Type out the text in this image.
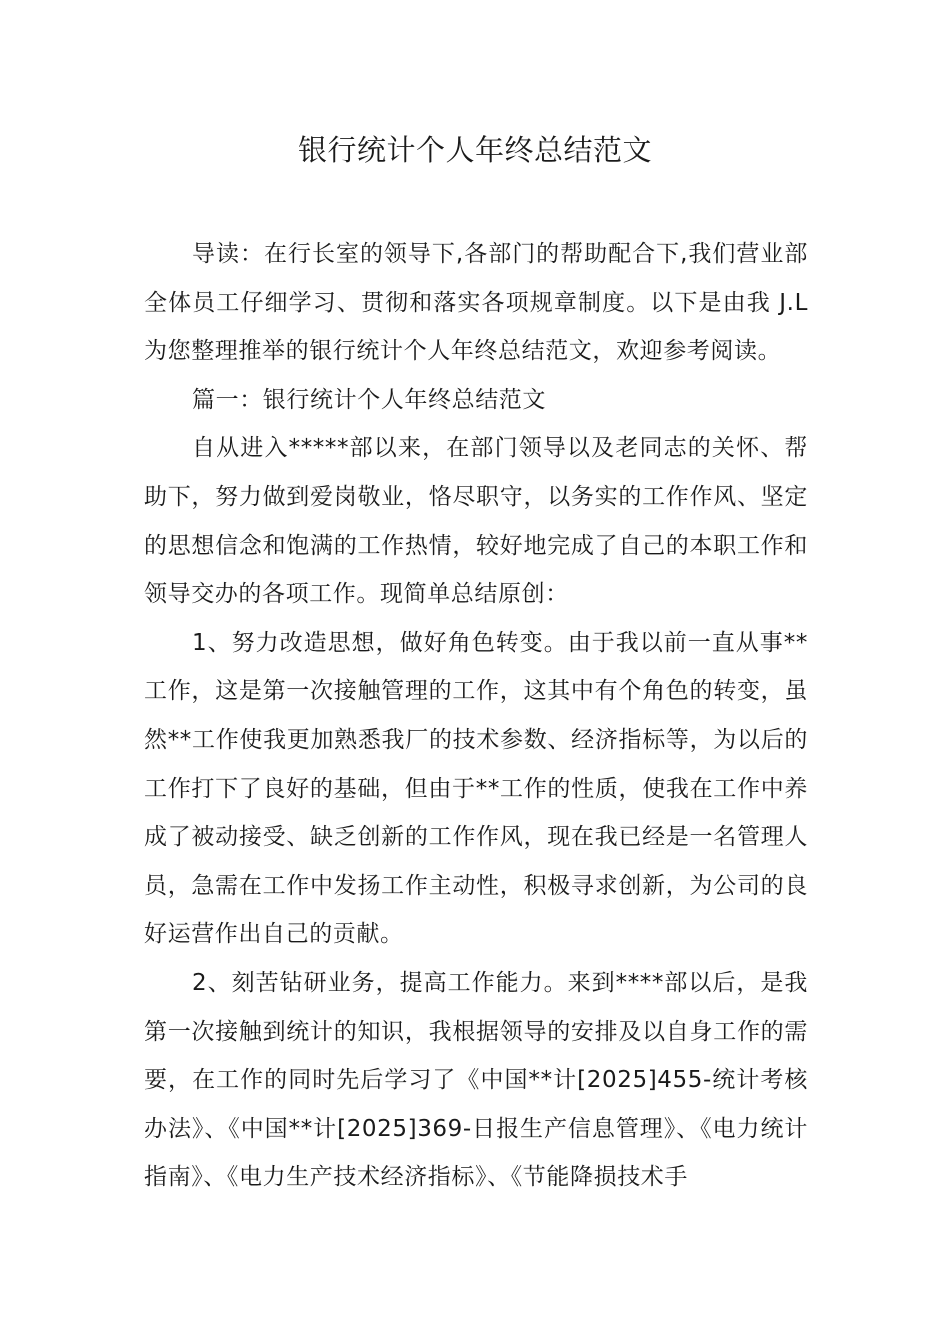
银行统计个人年终总结范文

导读：在行长室的领导下,各部门的帮助配合下,我们营业部全体员工仔细学习、贯彻和落实各项规章制度。以下是由我 J.L 为您整理推举的银行统计个人年终总结范文，欢迎参考阅读。

篇一：银行统计个人年终总结范文

自从进入*****部以来，在部门领导以及老同志的关怀、帮助下，努力做到爱岗敬业，恪尽职守，以务实的工作作风、坚定的思想信念和饱满的工作热情，较好地完成了自己的本职工作和领导交办的各项工作。现简单总结原创：

1、努力改造思想，做好角色转变。由于我以前一直从事**工作，这是第一次接触管理的工作，这其中有个角色的转变，虽然**工作使我更加熟悉我厂的技术参数、经济指标等，为以后的工作打下了良好的基础，但由于**工作的性质，使我在工作中养成了被动接受、缺乏创新的工作作风，现在我已经是一名管理人员，急需在工作中发扬工作主动性，积极寻求创新，为公司的良好运营作出自己的贡献。

2、刻苦钻研业务，提高工作能力。来到****部以后，是我第一次接触到统计的知识，我根据领导的安排及以自身工作的需要，在工作的同时先后学习了《中国**计[2025]455-统计考核办法》、《中国**计[2025]369-日报生产信息管理》、《电力统计指南》、《电力生产技术经济指标》、《节能降损技术手
